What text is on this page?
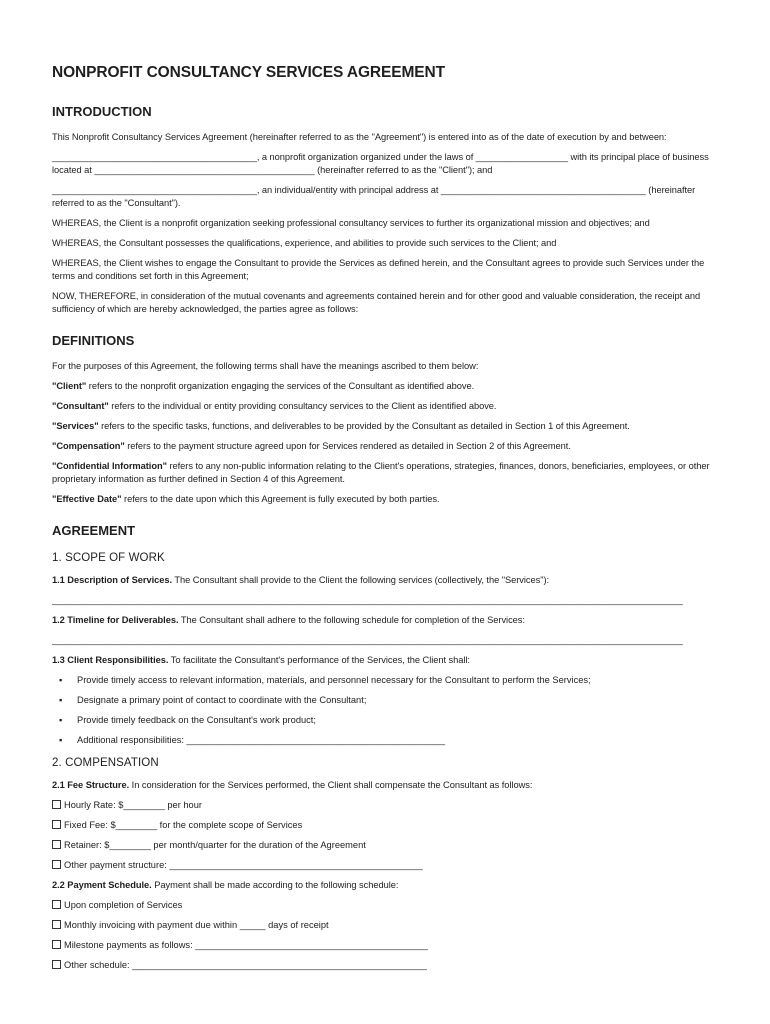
NONPROFIT CONSULTANCY SERVICES AGREEMENT
INTRODUCTION

This Nonprofit Consultancy Services Agreement (hereinafter referred to as the "Agreement") is entered into as of the date of execution by and between:

________________________________________, a nonprofit organization organized under the laws of __________________ with its principal place of business located at ___________________________________________ (hereinafter referred to as the "Client"); and

________________________________________, an individual/entity with principal address at ________________________________________ (hereinafter referred to as the "Consultant").

WHEREAS, the Client is a nonprofit organization seeking professional consultancy services to further its organizational mission and objectives; and

WHEREAS, the Consultant possesses the qualifications, experience, and abilities to provide such services to the Client; and

WHEREAS, the Client wishes to engage the Consultant to provide the Services as defined herein, and the Consultant agrees to provide such Services under the terms and conditions set forth in this Agreement;

NOW, THEREFORE, in consideration of the mutual covenants and agreements contained herein and for other good and valuable consideration, the receipt and sufficiency of which are hereby acknowledged, the parties agree as follows:

DEFINITIONS

For the purposes of this Agreement, the following terms shall have the meanings ascribed to them below:

"Client" refers to the nonprofit organization engaging the services of the Consultant as identified above.

"Consultant" refers to the individual or entity providing consultancy services to the Client as identified above.

"Services" refers to the specific tasks, functions, and deliverables to be provided by the Consultant as detailed in Section 1 of this Agreement.

"Compensation" refers to the payment structure agreed upon for Services rendered as detailed in Section 2 of this Agreement.

"Confidential Information" refers to any non-public information relating to the Client's operations, strategies, finances, donors, beneficiaries, employees, or other proprietary information as further defined in Section 4 of this Agreement.

"Effective Date" refers to the date upon which this Agreement is fully executed by both parties.

AGREEMENT
1. SCOPE OF WORK

1.1 Description of Services. The Consultant shall provide to the Client the following services (collectively, the "Services"):

__________________________________________________________________________________________________________________________

1.2 Timeline for Deliverables. The Consultant shall adhere to the following schedule for completion of the Services:

__________________________________________________________________________________________________________________________

1.3 Client Responsibilities. To facilitate the Consultant's performance of the Services, the Client shall:

▪ Provide timely access to relevant information, materials, and personnel necessary for the Consultant to perform the Services;
▪ Designate a primary point of contact to coordinate with the Consultant;
▪ Provide timely feedback on the Consultant's work product;
▪ Additional responsibilities: __________________________________________________
2. COMPENSATION

2.1 Fee Structure. In consideration for the Services performed, the Client shall compensate the Consultant as follows:

Hourly Rate: $________ per hour
Fixed Fee: $________ for the complete scope of Services
Retainer: $________ per month/quarter for the duration of the Agreement
Other payment structure: _________________________________________________

2.2 Payment Schedule. Payment shall be made according to the following schedule:

Upon completion of Services
Monthly invoicing with payment due within _____ days of receipt
Milestone payments as follows: _____________________________________________
Other schedule: _________________________________________________________
